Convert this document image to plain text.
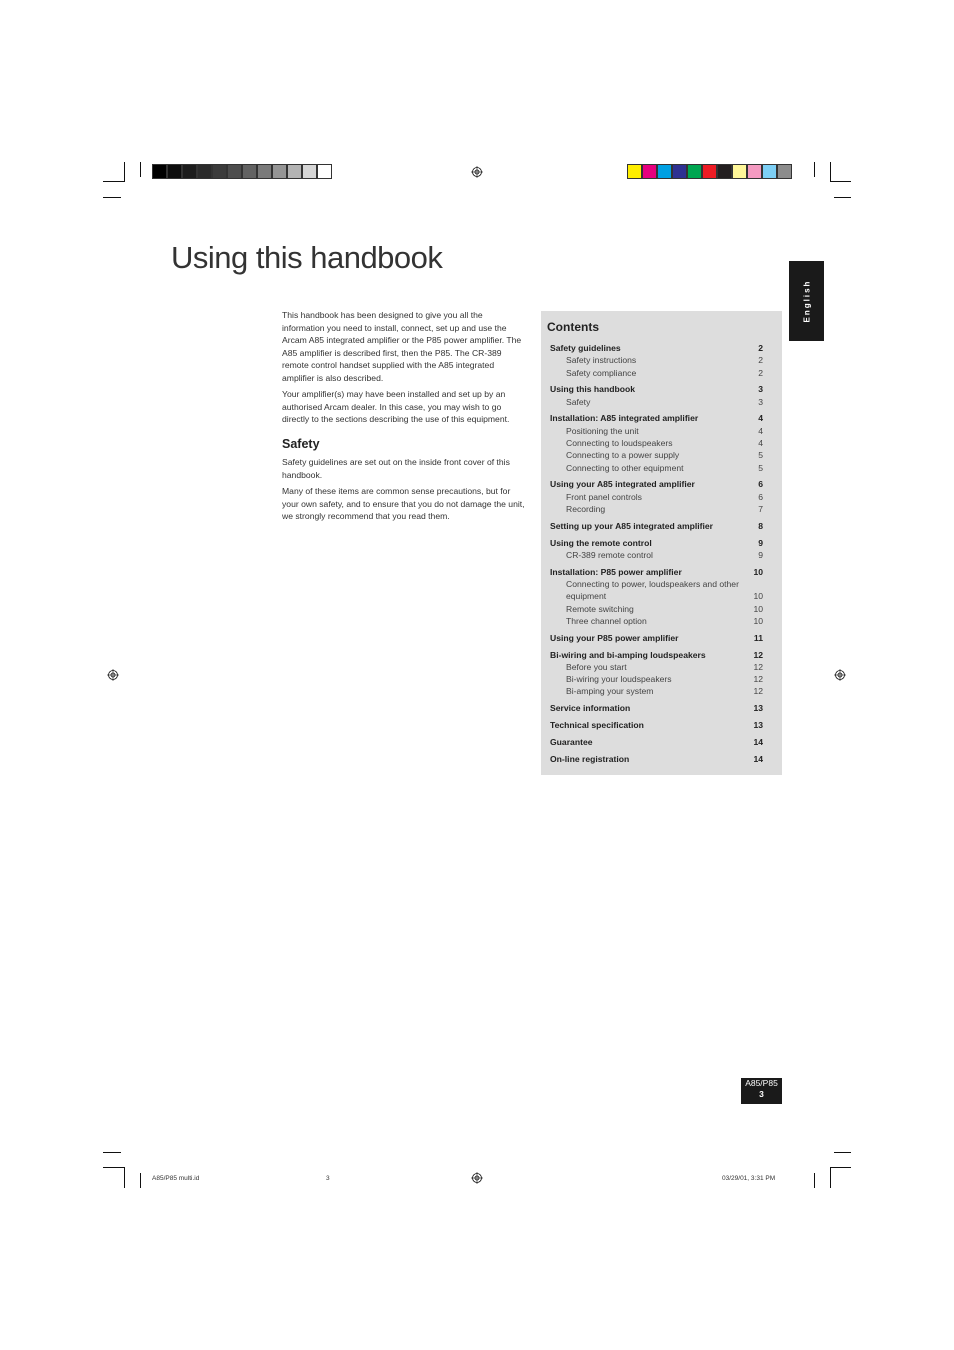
Using this handbook

This handbook has been designed to give you all the information you need to install, connect, set up and use the Arcam A85 integrated amplifier or the P85 power amplifier. The A85 amplifier is described first, then the P85. The CR-389 remote control handset supplied with the A85 integrated amplifier is also described.

Your amplifier(s) may have been installed and set up by an authorised Arcam dealer. In this case, you may wish to go directly to the sections describing the use of this equipment.

Safety

Safety guidelines are set out on the inside front cover of this handbook.

Many of these items are common sense precautions, but for your own safety, and to ensure that you do not damage the unit, we strongly recommend that you read them.

Contents
Safety guidelines	2
Safety instructions	2
Safety compliance	2
Using this handbook	3
Safety	3
Installation: A85 integrated amplifier	4
Positioning the unit	4
Connecting to loudspeakers	4
Connecting to a power supply	5
Connecting to other equipment	5
Using your A85 integrated amplifier	6
Front panel controls	6
Recording	7
Setting up your A85 integrated amplifier	8
Using the remote control	9
CR-389 remote control	9
Installation: P85 power amplifier	10
Connecting to power, loudspeakers and other equipment	10
Remote switching	10
Three channel option	10
Using your P85 power amplifier	11
Bi-wiring and bi-amping loudspeakers	12
Before you start	12
Bi-wiring your loudspeakers	12
Bi-amping your system	12
Service information	13
Technical specification	13
Guarantee	14
On-line registration	14
English
A85/P85
3
A85/P85 multi.id	3	03/29/01, 3:31 PM
